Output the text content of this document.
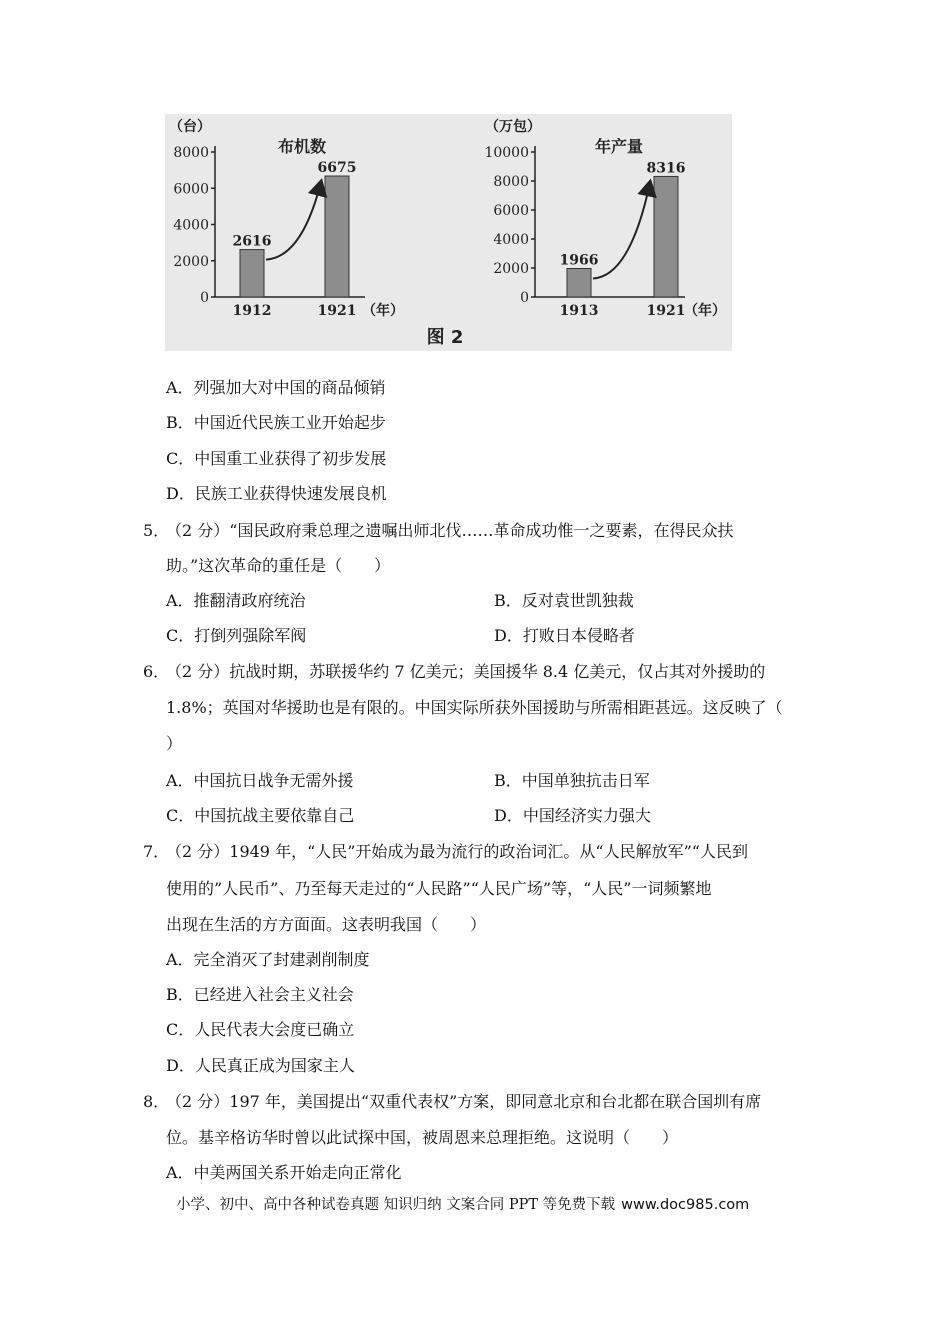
（台）
0
2000
4000
6000
8000	布机数
2616
1912
6675
1921 （年）
（万包）
0
2000
4000
6000
8000
10000	年产量
1966
1913
8316
1921
（年）
图 2
A．列强加大对中国的商品倾销
B．中国近代民族工业开始起步
C．中国重工业获得了初步发展
D．民族工业获得快速发展良机
5．
（2 分）“国民政府秉总理之遗嘱出师北伐……革命成功惟一之要素，在得民众扶
助。”这次革命的重任是（　　）
A．推翻清政府统治	B．反对袁世凯独裁
C．打倒列强除军阀	D．打败日本侵略者
6．
（2 分）抗战时期，苏联援华约 7 亿美元；美国援华 8.4 亿美元，仅占其对外援助的
1.8%；英国对华援助也是有限的。中国实际所获外国援助与所需相距甚远。这反映了（
）
A．中国抗日战争无需外援	B．中国单独抗击日军
C．中国抗战主要依靠自己	D．中国经济实力强大
7．
（2 分）1949 年，“人民”开始成为最为流行的政治词汇。从“人民解放军”“人民到
使用的”人民币”、乃至每天走过的“人民路”“人民广场”等，“人民”一词频繁地
出现在生活的方方面面。这表明我国（　　）
A．完全消灭了封建剥削制度
B．已经进入社会主义社会
C．人民代表大会度已确立
D．人民真正成为国家主人
8．
（2 分）197 年，美国提出“双重代表权”方案，即同意北京和台北都在联合国圳有席
位。基辛格访华时曾以此试探中国，被周恩来总理拒绝。这说明（　　）
A．中美两国关系开始走向正常化
小学、初中、高中各种试卷真题 知识归纳 文案合同 PPT 等免费下载 www.doc985.com
